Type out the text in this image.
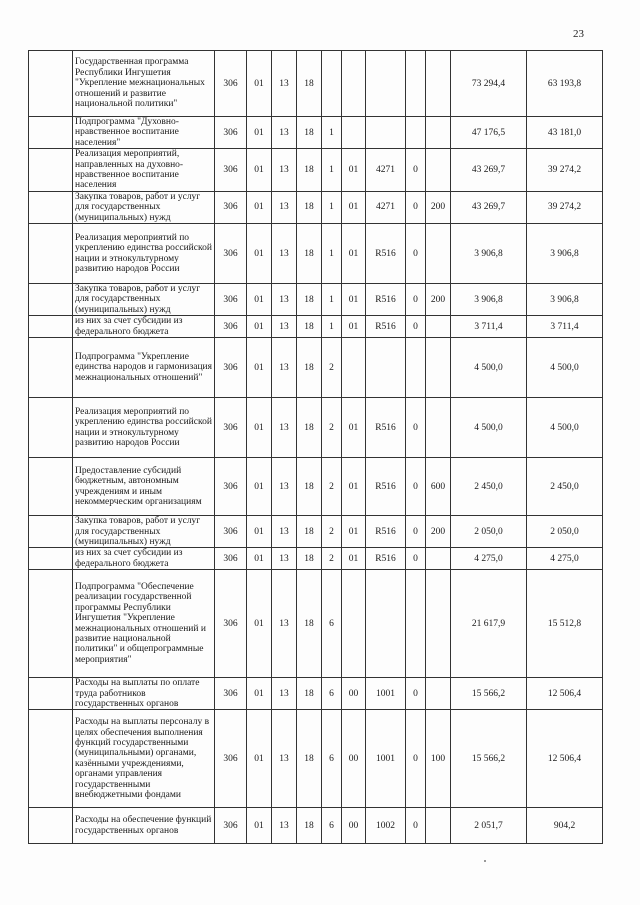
23
	Государственная программа Республики Ингушетия "Укрепление межнациональных отношений и развитие национальной политики"	306	01	13	18						73 294,4	63 193,8
	Подпрограмма "Духовно-нравственное воспитание населения"	306	01	13	18	1					47 176,5	43 181,0
	Реализация мероприятий, направленных на духовно-нравственное воспитание населения	306	01	13	18	1	01	4271	0		43 269,7	39 274,2
	Закупка товаров, работ и услуг для государственных (муниципальных) нужд	306	01	13	18	1	01	4271	0	200	43 269,7	39 274,2
	Реализация мероприятий по укреплению единства российской нации и этнокультурному развитию народов России	306	01	13	18	1	01	R516	0		3 906,8	3 906,8
	Закупка товаров, работ и услуг для государственных (муниципальных) нужд	306	01	13	18	1	01	R516	0	200	3 906,8	3 906,8
	из них за счет субсидии из федерального бюджета	306	01	13	18	1	01	R516	0		3 711,4	3 711,4
	Подпрограмма "Укрепление единства народов и гармонизация межнациональных отношений"	306	01	13	18	2					4 500,0	4 500,0
	Реализация мероприятий по укреплению единства российской нации и этнокультурному развитию народов России	306	01	13	18	2	01	R516	0		4 500,0	4 500,0
	Предоставление субсидий бюджетным, автономным учреждениям и иным некоммерческим организациям	306	01	13	18	2	01	R516	0	600	2 450,0	2 450,0
	Закупка товаров, работ и услуг для государственных (муниципальных) нужд	306	01	13	18	2	01	R516	0	200	2 050,0	2 050,0
	из них за счет субсидии из федерального бюджета	306	01	13	18	2	01	R516	0		4 275,0	4 275,0
	Подпрограмма "Обеспечение реализации государственной программы Республики Ингушетия "Укрепление межнациональных отношений и развитие национальной политики" и общепрограммные мероприятия"	306	01	13	18	6					21 617,9	15 512,8
	Расходы на выплаты по оплате труда работников государственных органов	306	01	13	18	6	00	1001	0		15 566,2	12 506,4
	Расходы на выплаты персоналу в целях обеспечения выполнения функций государственными (муниципальными) органами, казёнными учреждениями, органами управления государственными внебюджетными фондами	306	01	13	18	6	00	1001	0	100	15 566,2	12 506,4
	Расходы на обеспечение функций государственных органов	306	01	13	18	6	00	1002	0		2 051,7	904,2
